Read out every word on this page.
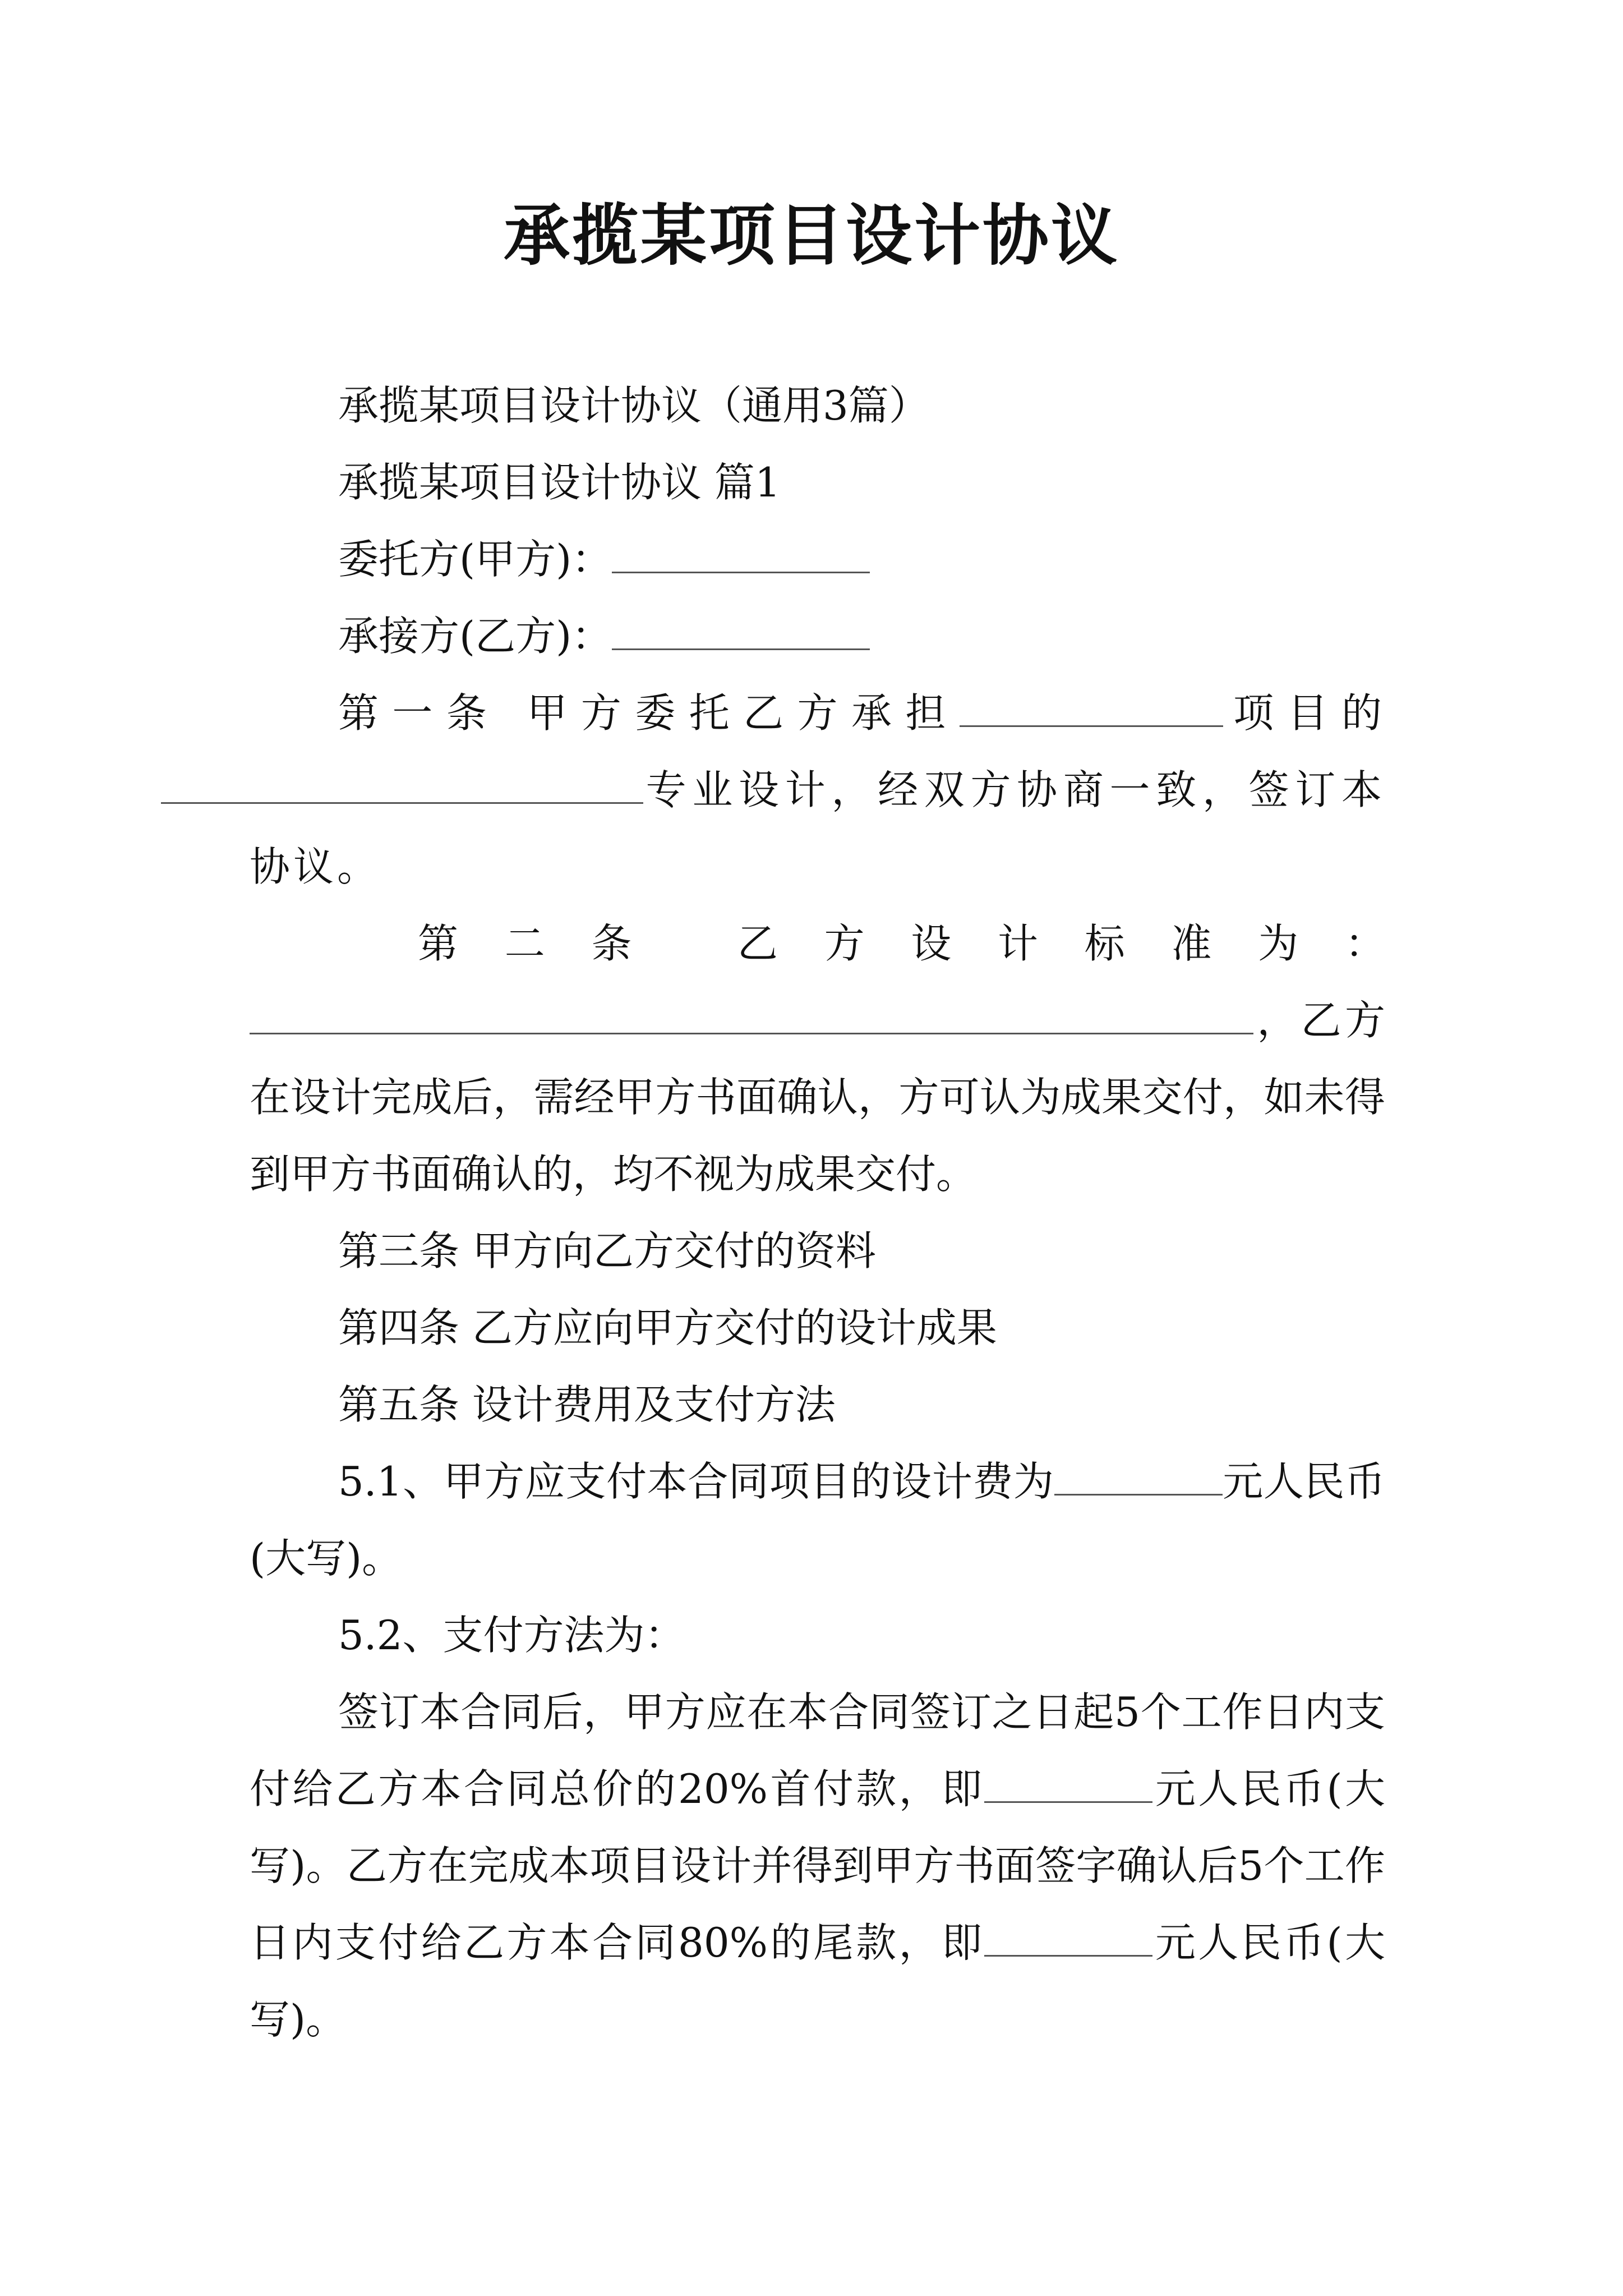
承揽某项目设计协议

承揽某项目设计协议（通用3篇）

承揽某项目设计协议 篇1

委托方(甲方)：

承接方(乙方)：

第一条 甲方委托乙方承担	项目的专业设计，经双方协商一致，签订本协议。

第二条 乙方设计标准为：

，乙方在设计完成后，需经甲方书面确认，方可认为成果交付，如未得到甲方书面确认的，均不视为成果交付。

第三条 甲方向乙方交付的资料

第四条 乙方应向甲方交付的设计成果

第五条 设计费用及支付方法

5.1、甲方应支付本合同项目的设计费为	元人民币(大写)。

5.2、支付方法为：

签订本合同后，甲方应在本合同签订之日起5个工作日内支付给乙方本合同总价的20%首付款，即	元人民币(大写)。乙方在完成本项目设计并得到甲方书面签字确认后5个工作日内支付给乙方本合同80%的尾款，即	元人民币(大写)。
